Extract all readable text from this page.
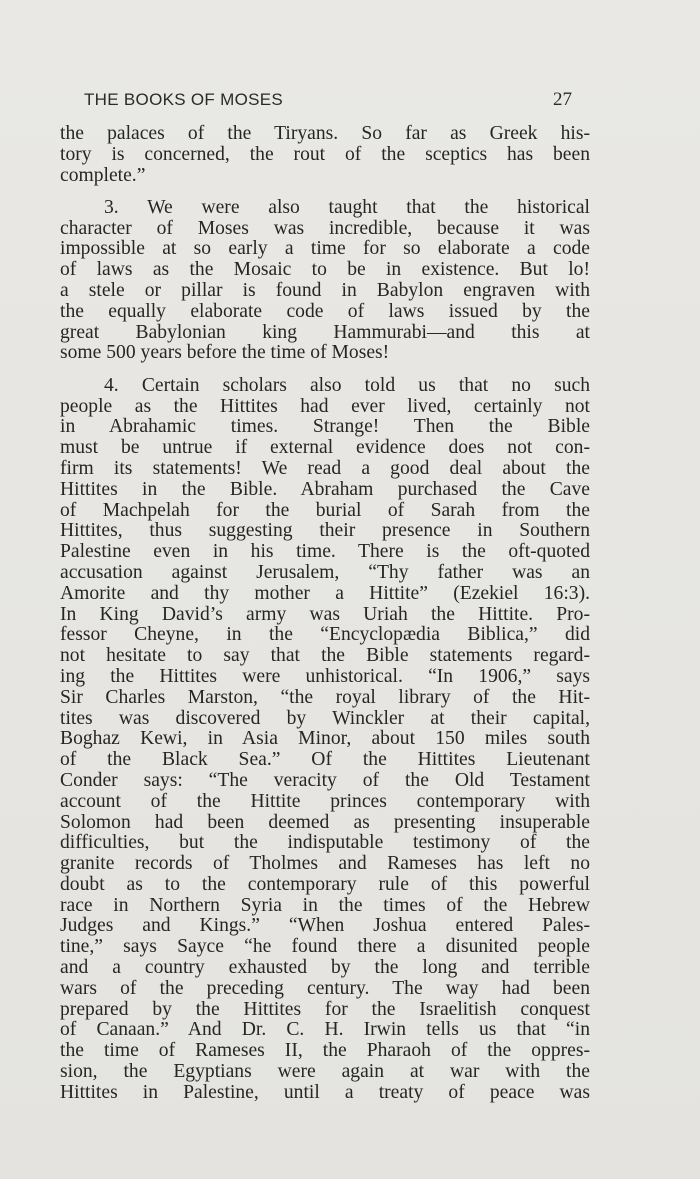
THE BOOKS OF MOSES	27
the palaces of the Tiryans. So far as Greek his-
tory is concerned, the rout of the sceptics has been
complete.”
3. We were also taught that the historical
character of Moses was incredible, because it was
impossible at so early a time for so elaborate a code
of laws as the Mosaic to be in existence. But lo!
a stele or pillar is found in Babylon engraven with
the equally elaborate code of laws issued by the
great Babylonian king Hammurabi—and this at
some 500 years before the time of Moses!
4. Certain scholars also told us that no such
people as the Hittites had ever lived, certainly not
in Abrahamic times. Strange! Then the Bible
must be untrue if external evidence does not con-
firm its statements! We read a good deal about the
Hittites in the Bible. Abraham purchased the Cave
of Machpelah for the burial of Sarah from the
Hittites, thus suggesting their presence in Southern
Palestine even in his time. There is the oft-quoted
accusation against Jerusalem, “Thy father was an
Amorite and thy mother a Hittite” (Ezekiel 16:3).
In King David’s army was Uriah the Hittite. Pro-
fessor Cheyne, in the “Encyclopædia Biblica,” did
not hesitate to say that the Bible statements regard-
ing the Hittites were unhistorical. “In 1906,” says
Sir Charles Marston, “the royal library of the Hit-
tites was discovered by Winckler at their capital,
Boghaz Kewi, in Asia Minor, about 150 miles south
of the Black Sea.” Of the Hittites Lieutenant
Conder says: “The veracity of the Old Testament
account of the Hittite princes contemporary with
Solomon had been deemed as presenting insuperable
difficulties, but the indisputable testimony of the
granite records of Tholmes and Rameses has left no
doubt as to the contemporary rule of this powerful
race in Northern Syria in the times of the Hebrew
Judges and Kings.” “When Joshua entered Pales-
tine,” says Sayce “he found there a disunited people
and a country exhausted by the long and terrible
wars of the preceding century. The way had been
prepared by the Hittites for the Israelitish conquest
of Canaan.” And Dr. C. H. Irwin tells us that “in
the time of Rameses II, the Pharaoh of the oppres-
sion, the Egyptians were again at war with the
Hittites in Palestine, until a treaty of peace was
